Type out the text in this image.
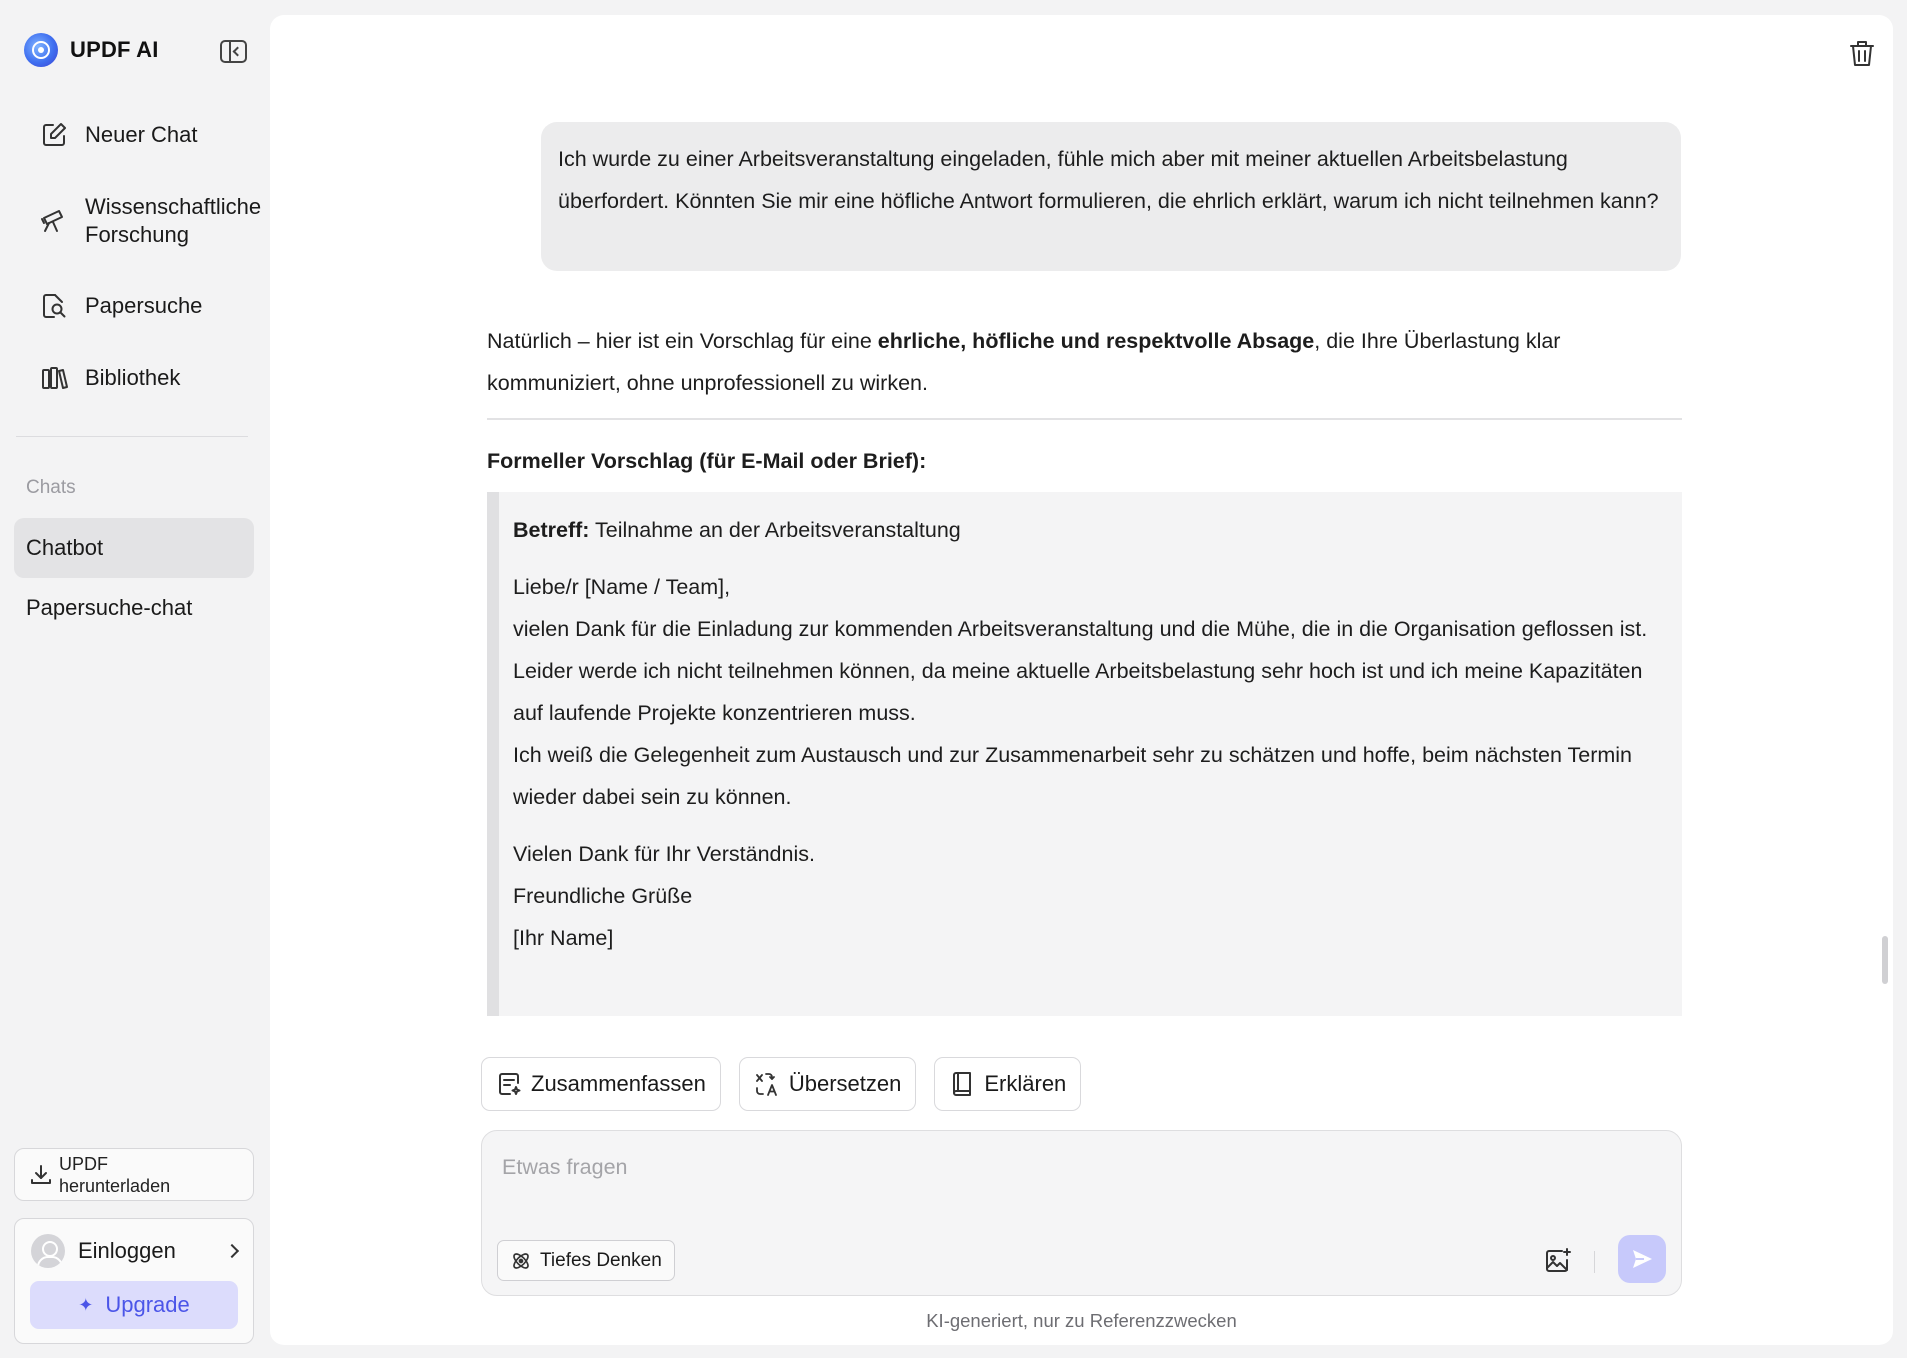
UPDF AI
Neuer Chat
Wissenschaftliche Forschung
Papersuche
Bibliothek
Chats
Chatbot
Papersuche-chat
UPDF herunterladen
Einloggen
✦ Upgrade
Ich wurde zu einer Arbeitsveranstaltung eingeladen, fühle mich aber mit meiner aktuellen Arbeitsbelastung überfordert. Könnten Sie mir eine höfliche Antwort formulieren, die ehrlich erklärt, warum ich nicht teilnehmen kann?
Natürlich – hier ist ein Vorschlag für eine ehrliche, höfliche und respektvolle Absage, die Ihre Überlastung klar kommuniziert, ohne unprofessionell zu wirken.
Formeller Vorschlag (für E-Mail oder Brief):

Betreff: Teilnahme an der Arbeitsveranstaltung

Liebe/r [Name / Team],
vielen Dank für die Einladung zur kommenden Arbeitsveranstaltung und die Mühe, die in die Organisation geflossen ist.
Leider werde ich nicht teilnehmen können, da meine aktuelle Arbeitsbelastung sehr hoch ist und ich meine Kapazitäten auf laufende Projekte konzentrieren muss.
Ich weiß die Gelegenheit zum Austausch und zur Zusammenarbeit sehr zu schätzen und hoffe, beim nächsten Termin wieder dabei sein zu können.

Vielen Dank für Ihr Verständnis.
Freundliche Grüße
[Ihr Name]

Zusammenfassen	Übersetzen	Erklären
Etwas fragen
Tiefes Denken
KI-generiert, nur zu Referenzzwecken
